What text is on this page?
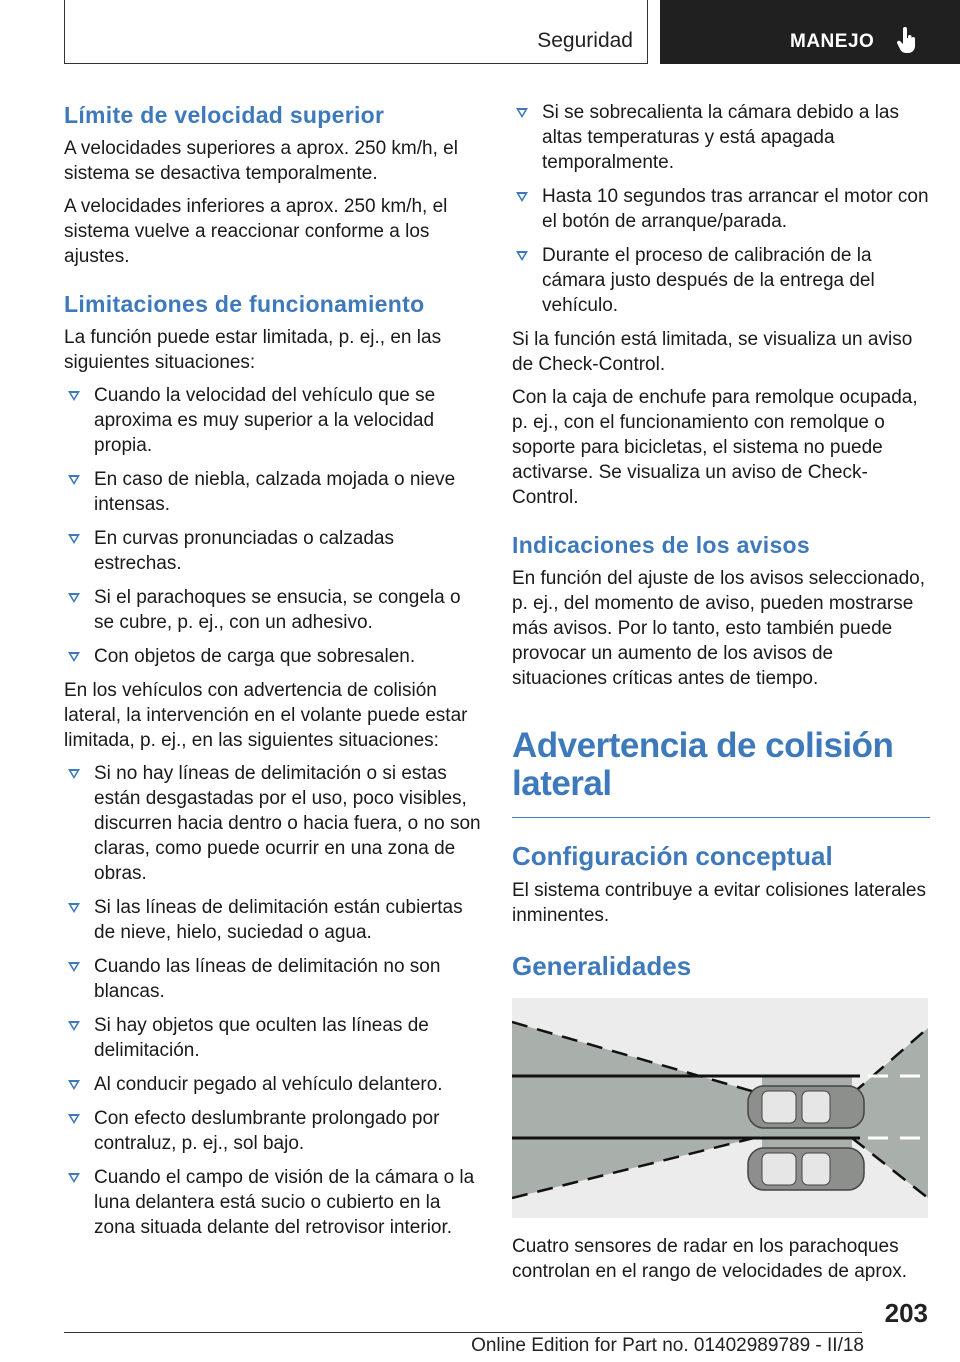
Seguridad	MANEJO
Límite de velocidad superior

A velocidades superiores a aprox. 250 km/h, el sistema se desactiva temporalmente.

A velocidades inferiores a aprox. 250 km/h, el sistema vuelve a reaccionar conforme a los ajustes.

Limitaciones de funcionamiento

La función puede estar limitada, p. ej., en las siguientes situaciones:

Cuando la velocidad del vehículo que se aproxima es muy superior a la velocidad propia.
En caso de niebla, calzada mojada o nieve intensas.
En curvas pronunciadas o calzadas estrechas.
Si el parachoques se ensucia, se congela o se cubre, p. ej., con un adhesivo.
Con objetos de carga que sobresalen.

En los vehículos con advertencia de colisión lateral, la intervención en el volante puede estar limitada, p. ej., en las siguientes situaciones:

Si no hay líneas de delimitación o si estas están desgastadas por el uso, poco visibles, discurren hacia dentro o hacia fuera, o no son claras, como puede ocurrir en una zona de obras.
Si las líneas de delimitación están cubiertas de nieve, hielo, suciedad o agua.
Cuando las líneas de delimitación no son blancas.
Si hay objetos que oculten las líneas de delimitación.
Al conducir pegado al vehículo delantero.
Con efecto deslumbrante prolongado por contraluz, p. ej., sol bajo.
Cuando el campo de visión de la cámara o la luna delantera está sucio o cubierto en la zona situada delante del retrovisor interior.
Si se sobrecalienta la cámara debido a las altas temperaturas y está apagada temporalmente.
Hasta 10 segundos tras arrancar el motor con el botón de arranque/parada.
Durante el proceso de calibración de la cámara justo después de la entrega del vehículo.

Si la función está limitada, se visualiza un aviso de Check-Control.

Con la caja de enchufe para remolque ocupada, p. ej., con el funcionamiento con remolque o soporte para bicicletas, el sistema no puede activarse. Se visualiza un aviso de Check-Control.

Indicaciones de los avisos

En función del ajuste de los avisos seleccionado, p. ej., del momento de aviso, pueden mostrarse más avisos. Por lo tanto, esto también puede provocar un aumento de los avisos de situaciones críticas antes de tiempo.

Advertencia de colisión lateral
Configuración conceptual

El sistema contribuye a evitar colisiones laterales inminentes.

Generalidades

Cuatro sensores de radar en los parachoques controlan en el rango de velocidades de aprox.

203
Online Edition for Part no. 01402989789 - II/18
